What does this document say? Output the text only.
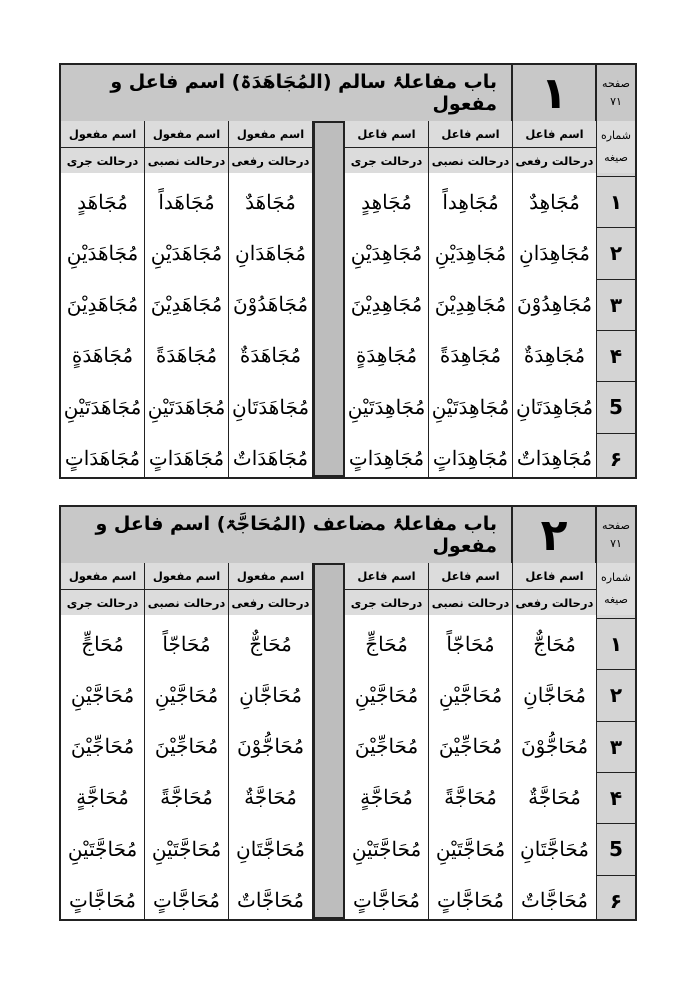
باب مفاعلۂ سالم (المُجَاهَدَۃ) اسم فاعل و مفعول ١	صفحه
۷۱
اسم مفعول
درحالت جری
اسم مفعول
درحالت نصبی
اسم مفعول
درحالت رفعی
اسم فاعل
درحالت جری
اسم فاعل
درحالت نصبی
اسم فاعل
درحالت رفعی
شماره
صیغه
مُجَاهَدٍ
مُجَاهَدَيْنِ
مُجَاهَدِيْنَ
مُجَاهَدَةٍ
مُجَاهَدَتَيْنِ
مُجَاهَدَاتٍ
مُجَاهَداً
مُجَاهَدَيْنِ
مُجَاهَدِيْنَ
مُجَاهَدَةً
مُجَاهَدَتَيْنِ
مُجَاهَدَاتٍ
مُجَاهَدٌ
مُجَاهَدَانِ
مُجَاهَدُوْنَ
مُجَاهَدَةٌ
مُجَاهَدَتَانِ
مُجَاهَدَاتٌ
مُجَاهِدٍ
مُجَاهِدَيْنِ
مُجَاهِدِيْنَ
مُجَاهِدَةٍ
مُجَاهِدَتَيْنِ
مُجَاهِدَاتٍ
مُجَاهِداً
مُجَاهِدَيْنِ
مُجَاهِدِيْنَ
مُجَاهِدَةً
مُجَاهِدَتَيْنِ
مُجَاهِدَاتٍ
مُجَاهِدٌ
مُجَاهِدَانِ
مُجَاهِدُوْنَ
مُجَاهِدَةٌ
مُجَاهِدَتَانِ
مُجَاهِدَاتٌ
١
٢
٣
۴
5
۶
باب مفاعلۂ مضاعف (المُحَاجَّۃ) اسم فاعل و مفعول ٢	صفحه
۷۱
اسم مفعول
درحالت جری
اسم مفعول
درحالت نصبی
اسم مفعول
درحالت رفعی
اسم فاعل
درحالت جری
اسم فاعل
درحالت نصبی
اسم فاعل
درحالت رفعی
شماره
صیغه
مُحَاجٍّ
مُحَاجَّيْنِ
مُحَاجِّيْنَ
مُحَاجَّةٍ
مُحَاجَّتَيْنِ
مُحَاجَّاتٍ
مُحَاجّاً
مُحَاجَّيْنِ
مُحَاجِّيْنَ
مُحَاجَّةً
مُحَاجَّتَيْنِ
مُحَاجَّاتٍ
مُحَاجٌّ
مُحَاجَّانِ
مُحَاجُّوْنَ
مُحَاجَّةٌ
مُحَاجَّتَانِ
مُحَاجَّاتٌ
مُحَاجٍّ
مُحَاجَّيْنِ
مُحَاجِّيْنَ
مُحَاجَّةٍ
مُحَاجَّتَيْنِ
مُحَاجَّاتٍ
مُحَاجّاً
مُحَاجَّيْنِ
مُحَاجِّيْنَ
مُحَاجَّةً
مُحَاجَّتَيْنِ
مُحَاجَّاتٍ
مُحَاجٌّ
مُحَاجَّانِ
مُحَاجُّوْنَ
مُحَاجَّةٌ
مُحَاجَّتَانِ
مُحَاجَّاتٌ
١
٢
٣
۴
5
۶
